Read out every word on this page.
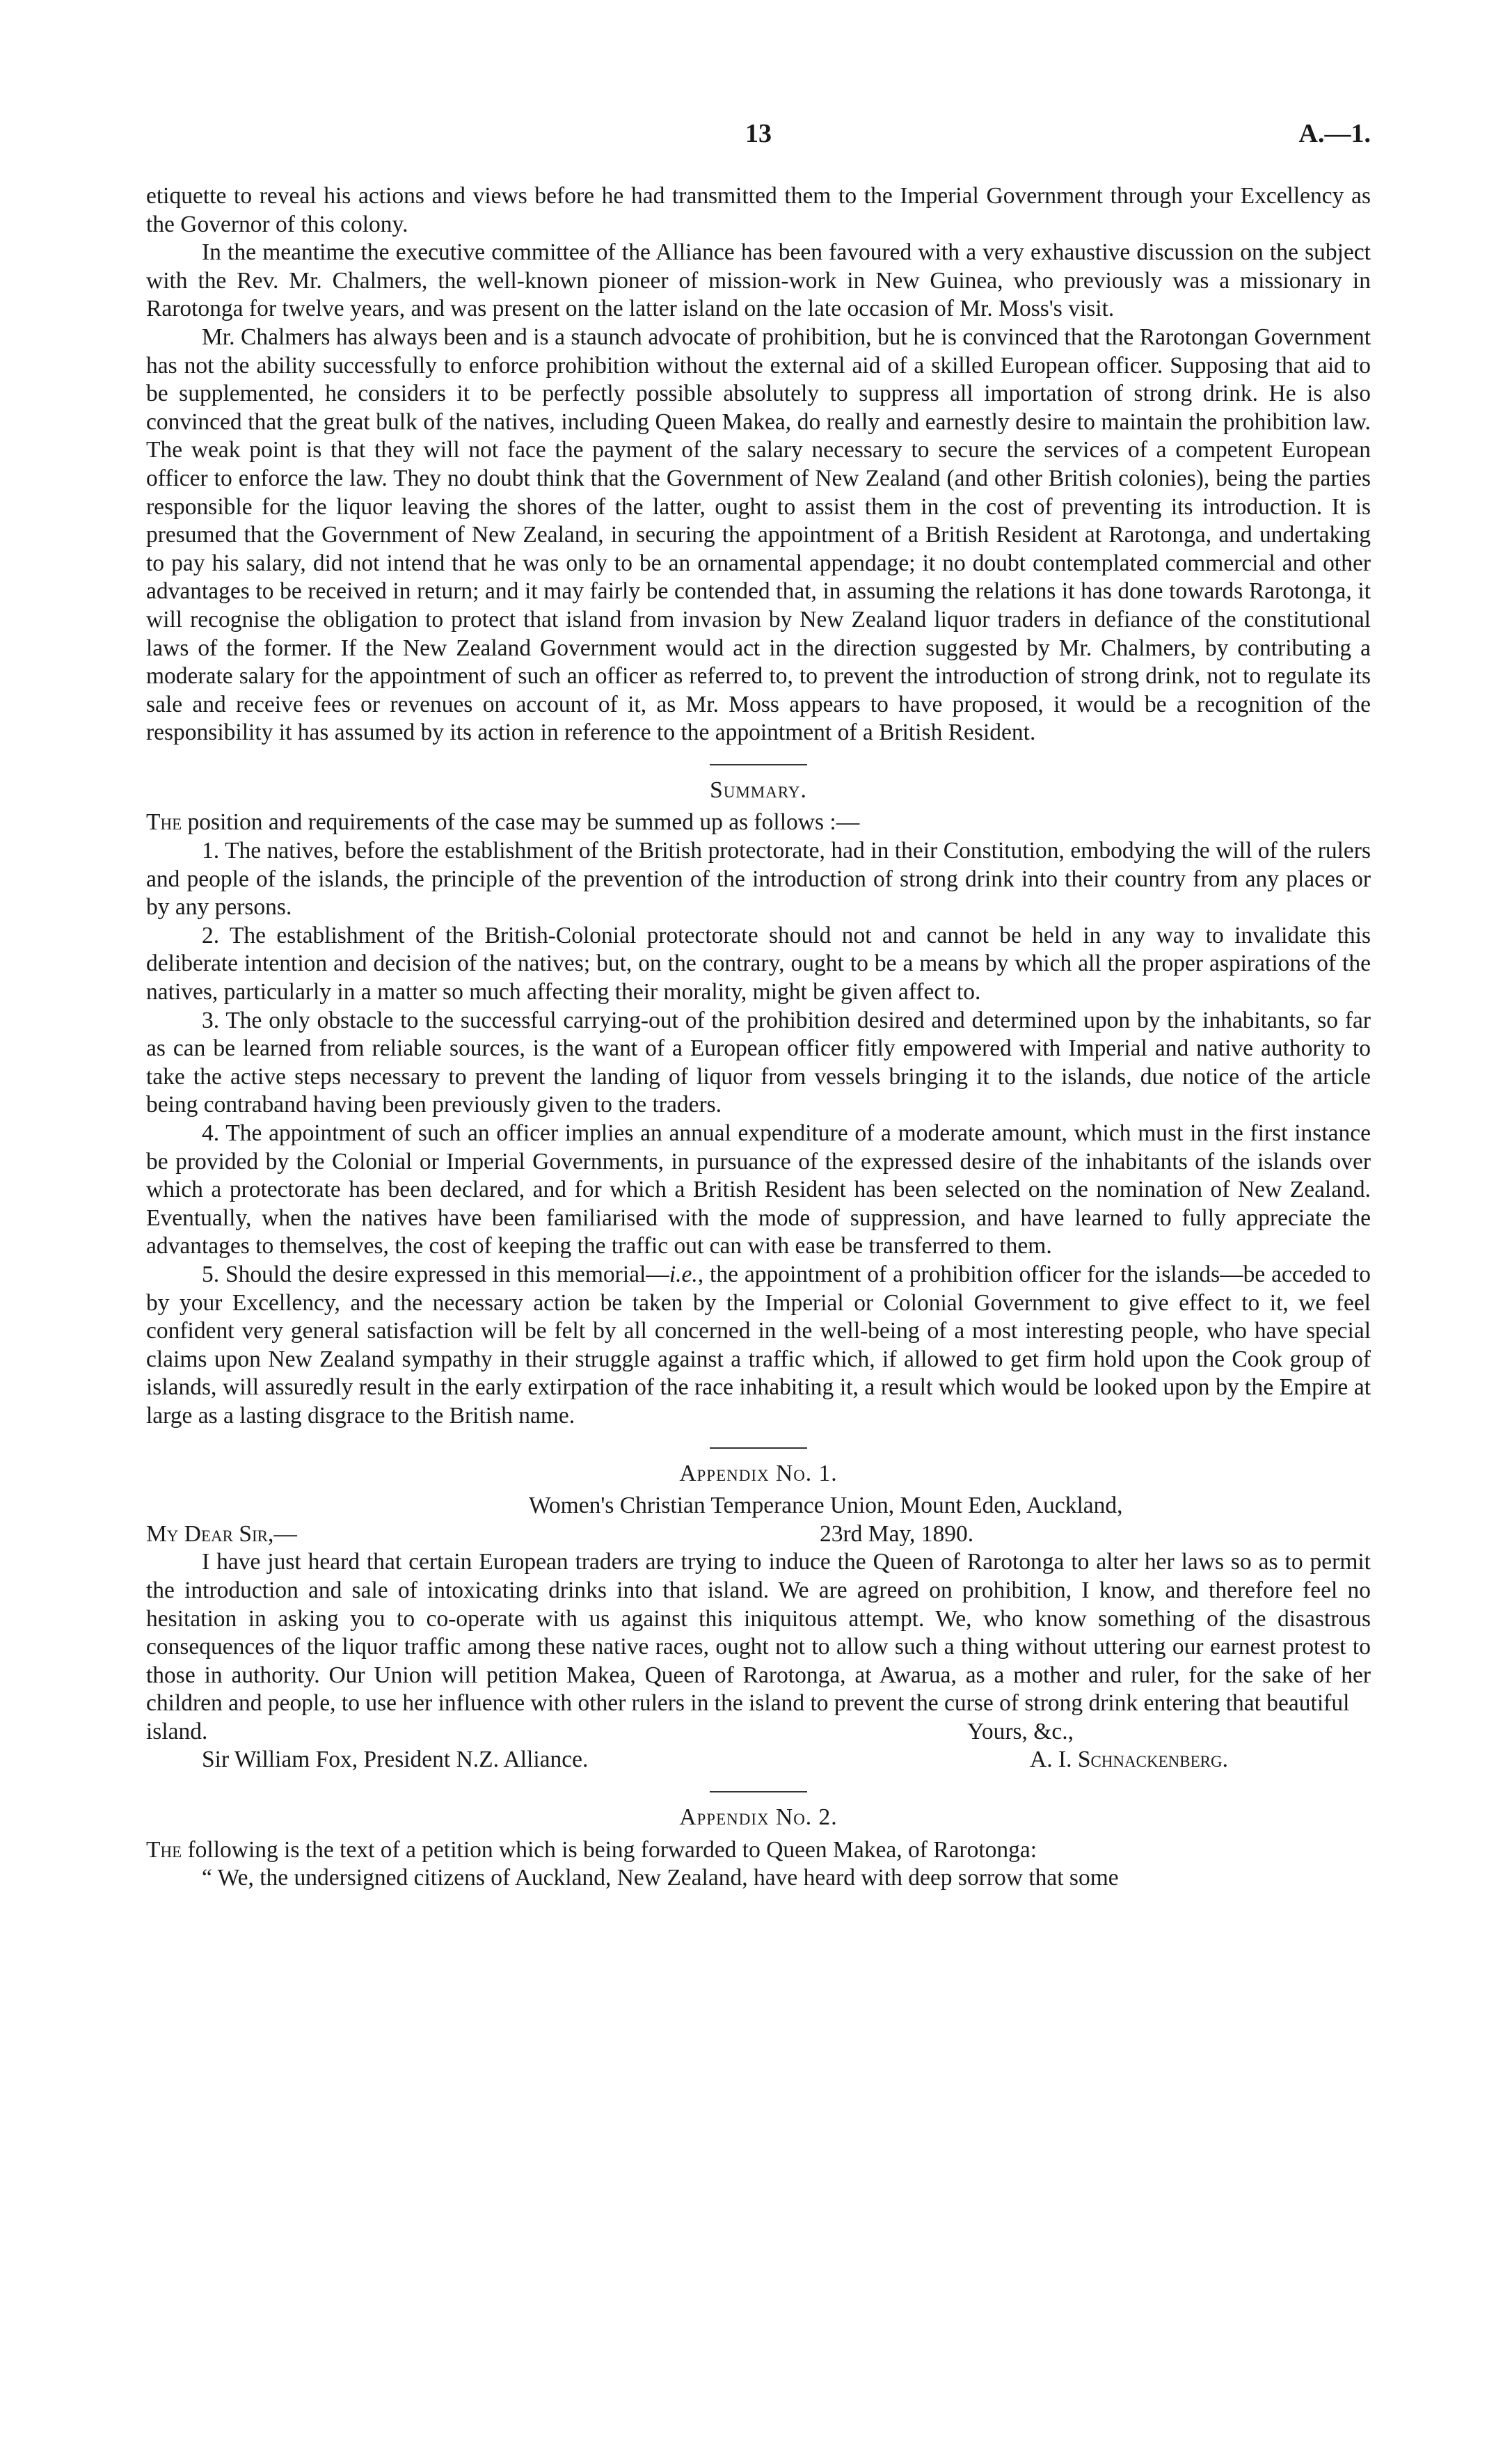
13	A.—1.

etiquette to reveal his actions and views before he had transmitted them to the Imperial Government through your Excellency as the Governor of this colony.

In the meantime the executive committee of the Alliance has been favoured with a very exhaustive discussion on the subject with the Rev. Mr. Chalmers, the well-known pioneer of mission-work in New Guinea, who previously was a missionary in Rarotonga for twelve years, and was present on the latter island on the late occasion of Mr. Moss's visit.

Mr. Chalmers has always been and is a staunch advocate of prohibition, but he is convinced that the Rarotongan Government has not the ability successfully to enforce prohibition without the external aid of a skilled European officer. Supposing that aid to be supplemented, he considers it to be perfectly possible absolutely to suppress all importation of strong drink. He is also convinced that the great bulk of the natives, including Queen Makea, do really and earnestly desire to maintain the prohibition law. The weak point is that they will not face the payment of the salary necessary to secure the services of a competent European officer to enforce the law. They no doubt think that the Government of New Zealand (and other British colonies), being the parties responsible for the liquor leaving the shores of the latter, ought to assist them in the cost of preventing its introduction. It is presumed that the Government of New Zealand, in securing the appointment of a British Resident at Rarotonga, and undertaking to pay his salary, did not intend that he was only to be an ornamental appendage; it no doubt contemplated commercial and other advantages to be received in return; and it may fairly be contended that, in assuming the relations it has done towards Rarotonga, it will recognise the obligation to protect that island from invasion by New Zealand liquor traders in defiance of the constitutional laws of the former. If the New Zealand Government would act in the direction suggested by Mr. Chalmers, by contributing a moderate salary for the appointment of such an officer as referred to, to prevent the introduction of strong drink, not to regulate its sale and receive fees or revenues on account of it, as Mr. Moss appears to have proposed, it would be a recognition of the responsibility it has assumed by its action in reference to the appointment of a British Resident.

Summary.

The position and requirements of the case may be summed up as follows :—

1. The natives, before the establishment of the British protectorate, had in their Constitution, embodying the will of the rulers and people of the islands, the principle of the prevention of the introduction of strong drink into their country from any places or by any persons.

2. The establishment of the British-Colonial protectorate should not and cannot be held in any way to invalidate this deliberate intention and decision of the natives; but, on the contrary, ought to be a means by which all the proper aspirations of the natives, particularly in a matter so much affecting their morality, might be given affect to.

3. The only obstacle to the successful carrying-out of the prohibition desired and determined upon by the inhabitants, so far as can be learned from reliable sources, is the want of a European officer fitly empowered with Imperial and native authority to take the active steps necessary to prevent the landing of liquor from vessels bringing it to the islands, due notice of the article being contraband having been previously given to the traders.

4. The appointment of such an officer implies an annual expenditure of a moderate amount, which must in the first instance be provided by the Colonial or Imperial Governments, in pursuance of the expressed desire of the inhabitants of the islands over which a protectorate has been declared, and for which a British Resident has been selected on the nomination of New Zealand. Eventually, when the natives have been familiarised with the mode of suppression, and have learned to fully appreciate the advantages to themselves, the cost of keeping the traffic out can with ease be transferred to them.

5. Should the desire expressed in this memorial—i.e., the appointment of a prohibition officer for the islands—be acceded to by your Excellency, and the necessary action be taken by the Imperial or Colonial Government to give effect to it, we feel confident very general satisfaction will be felt by all concerned in the well-being of a most interesting people, who have special claims upon New Zealand sympathy in their struggle against a traffic which, if allowed to get firm hold upon the Cook group of islands, will assuredly result in the early extirpation of the race inhabiting it, a result which would be looked upon by the Empire at large as a lasting disgrace to the British name.

Appendix No. 1.
Women's Christian Temperance Union, Mount Eden, Auckland,
My Dear Sir,—	23rd May, 1890.

I have just heard that certain European traders are trying to induce the Queen of Rarotonga to alter her laws so as to permit the introduction and sale of intoxicating drinks into that island. We are agreed on prohibition, I know, and therefore feel no hesitation in asking you to co-operate with us against this iniquitous attempt. We, who know something of the disastrous consequences of the liquor traffic among these native races, ought not to allow such a thing without uttering our earnest protest to those in authority. Our Union will petition Makea, Queen of Rarotonga, at Awarua, as a mother and ruler, for the sake of her children and people, to use her influence with other rulers in the island to prevent the curse of strong drink entering that beautiful

island.	Yours, &c.,
Sir William Fox, President N.Z. Alliance.	A. I. Schnackenberg.
Appendix No. 2.

The following is the text of a petition which is being forwarded to Queen Makea, of Rarotonga:

“ We, the undersigned citizens of Auckland, New Zealand, have heard with deep sorrow that some
